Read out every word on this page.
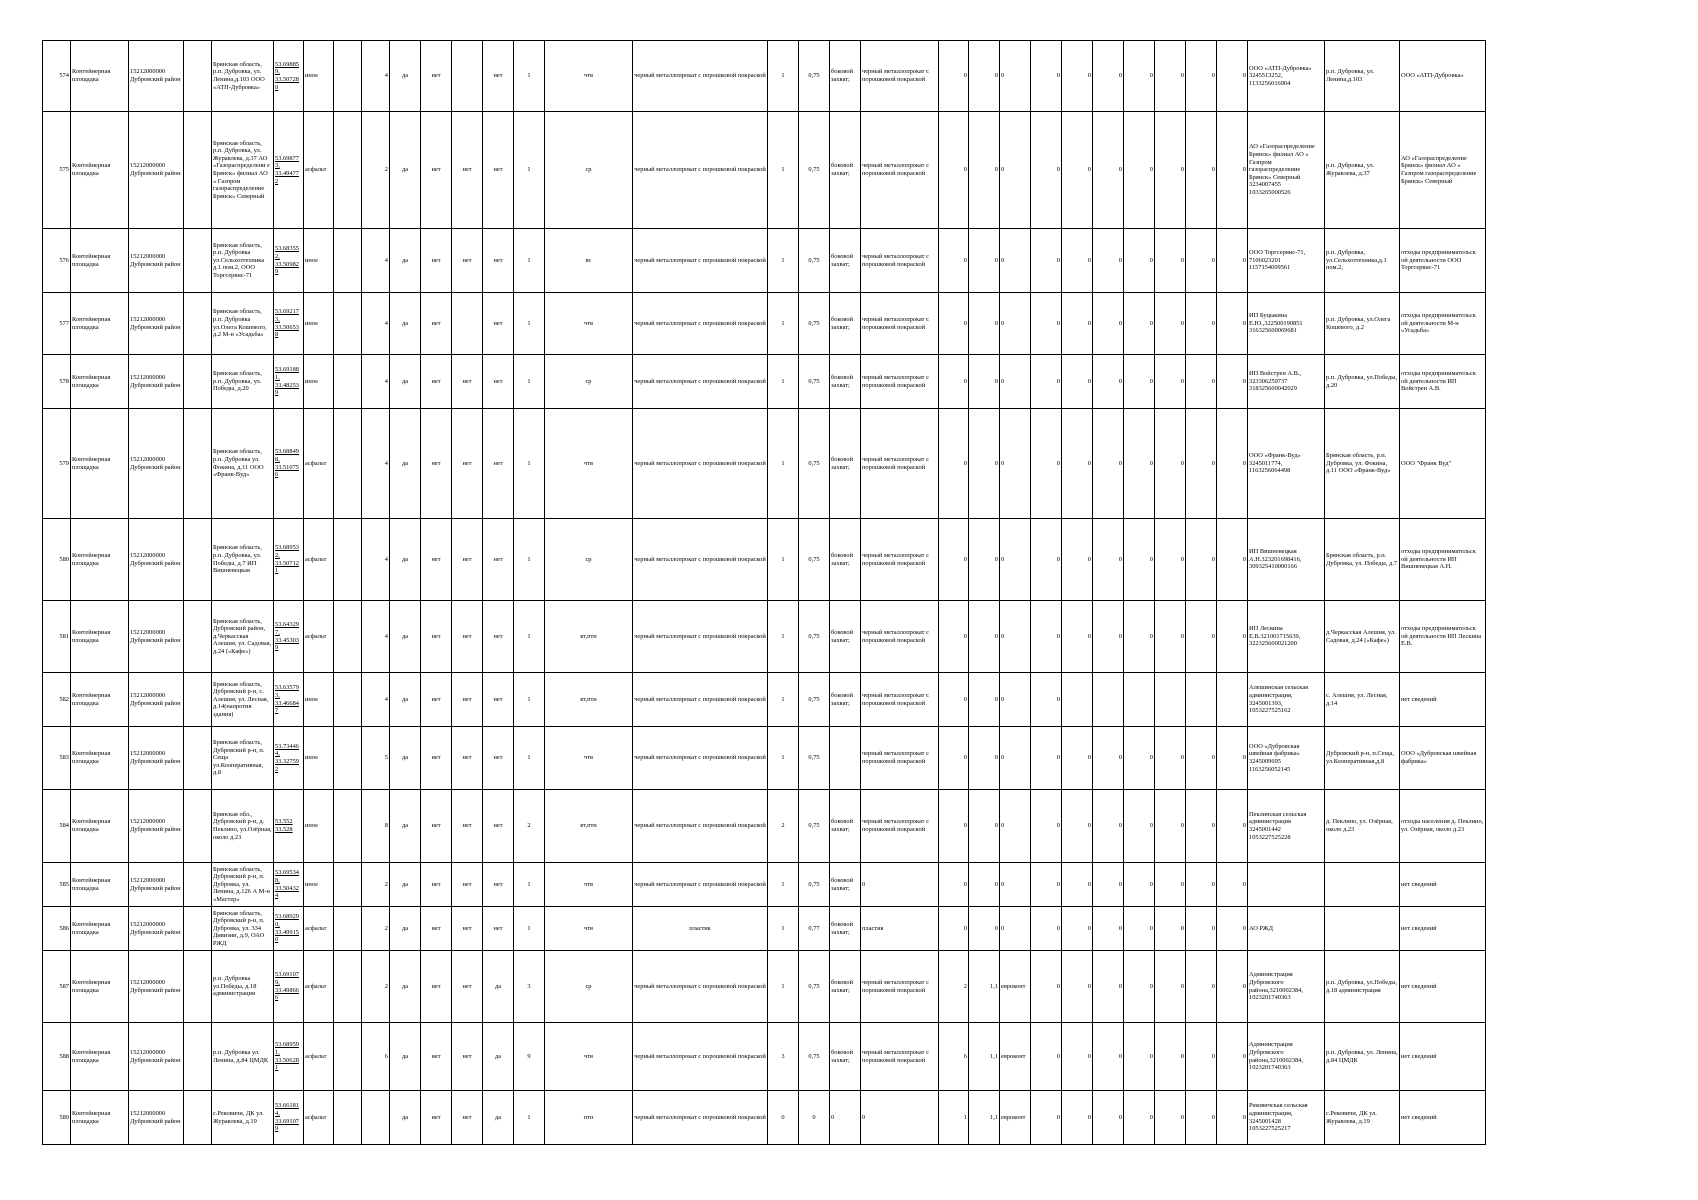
574	Контейнерная площадка	15212000000 Дубровский район		Брянская область, р.п. Дубровка, ул. Ленина,д.103 ООО «АТП-Дубровка»	53.69885 9, 33.50728 0	иное		4	да	нет		нет	1	чтв	черный металлопрокат с порошковой покраской	1	0,75	боковой захват;	черный металлопрокат с порошковой покраской	0	0	0	0	0	0	0	0	0	0	ООО «АТП-Дубровка» 3245513252, 1133256016904	р.п. Дубровка, ул. Ленина,д.103	ООО «АТП-Дубровка»
575	Контейнерная площадка	15212000000 Дубровский район		Брянская область, р.п. Дубровка, ул. Журавлева, д.37 АО «Газораспределени е Брянск» филиал АО « Газпром газораспределение Брянск» Северный	53.69877 3, 33.49477 2	асфальт		2	да	нет	нет	нет	1	ср	черный металлопрокат с порошковой покраской	1	0,75	боковой захват;	черный металлопрокат с порошковой покраской	0	0	0	0	0	0	0	0	0	0	АО «Газораспределение Брянск» филиал АО « Газпром газораспределение Брянск» Северный 3234007455 1033265000526	р.п. Дубровка, ул. Журавлева, д.37	АО «Газораспределение Брянск» филиал АО « Газпром газораспределение Брянск» Северный
576	Контейнерная площадка	15212000000 Дубровский район		Брянская область, р.п. Дубровка ул.Сельхозтехника д.1 пом.2, ООО Торгсервис-71	53.68355 2, 33.50982 9	иное		4	да	нет	нет	нет	1	вс	черный металлопрокат с порошковой покраской	1	0,75	боковой захват;	черный металлопрокат с порошковой покраской	0	0	0	0	0	0	0	0	0	0	ООО Торгсервис-71, 7106023201 1157154009561	р.п. Дубровка, ул.Сельхозтехника,д.1 пом.2,	отходы предпринимательск ой деятельности ООО Торгсервис-71
577	Контейнерная площадка	15212000000 Дубровский район		Брянская область, р.п. Дубровка ул.Олега Кошевого, д.2 М-н «Усадьба»	53.69217 3, 33.50653 8	иное		4	да	нет		нет	1	чтв	черный металлопрокат с порошковой покраской	1	0,75	боковой захват;	черный металлопрокат с порошковой покраской	0	0	0	0	0	0	0	0	0	0	ИП Буцыкина Е.Ю.,322500190851 316325600069681	р.п. Дубровка, ул.Олега Кошевого, д.2	отходы предпринимательск ой деятельности М-н «Усадьба»
578	Контейнерная площадка	15212000000 Дубровский район		Брянская область, р.п. Дубровка, ул. Победы, д.20	53.69188 1, 33.48253 9	иное		4	да	нет	нет	нет	1	ср	черный металлопрокат с порошковой покраской	1	0,75	боковой захват;	черный металлопрокат с порошковой покраской	0	0	0	0	0	0	0	0	0	0	ИП Войстрен А.В., 323306259737 318325600042029	р.п. Дубровка, ул.Победы, д.20	отходы предпринимательск ой деятельности ИП Войстрен А.В.
579	Контейнерная площадка	15212000000 Дубровский район		Брянская область, р.п. Дубровка ул. Фокина, д.11 ООО «Франк-Вуд»	53.68849 8, 33.51075 6	асфальт		4	да	нет	нет	нет	1	чтв	черный металлопрокат с порошковой покраской	1	0,75	боковой захват;	черный металлопрокат с порошковой покраской	0	0	0	0	0	0	0	0	0	0	ООО «Франк-Вуд» 3245011774, 1163256064498	Брянская область, р.п. Дубровка, ул. Фокина, д.11 ООО «Франк-Вуд»	ООО "Франк Вуд"
580	Контейнерная площадка	15212000000 Дубровский район		Брянская область, р.п. Дубровка, ул. Победы, д.7 ИП Вишневецкая	53.68953 2, 33.50712 1	асфальт		4	да	нет	нет	нет	1	ср	черный металлопрокат с порошковой покраской	1	0,75	боковой захват;	черный металлопрокат с порошковой покраской	0	0	0	0	0	0	0	0	0	0	ИП Вишневецкая А.Н.323201698416, 309325410000166	Брянская область, р.п. Дубровка, ул. Победы, д.7	отходы предпринимательск ой деятельности ИП Вишневецкая А.Н.
581	Контейнерная площадка	15212000000 Дубровский район		Брянская область, Дубровский район, д.Черкасская Алешня, ул. Садовая, д.24 («Кафе»)	53.64329 7, 33.45303 9	асфальт		4	да	нет	нет	нет	1	вт,птн	черный металлопрокат с порошковой покраской	1	0,75	боковой захват;	черный металлопрокат с порошковой покраской	0	0	0	0	0	0	0	0	0	0	ИП Лескина Е.В.321001715639, 322325600021200	д.Черкасская Алешня, ул. Садовая, д.24 («Кафе»)	отходы предпринимательск ой деятельности ИП Лескина Е.В.
582	Контейнерная площадка	15212000000 Дубровский район		Брянская область, Дубровский р-н, с. Алешня, ул. Лесная, д.14(напротив здания)	53.63579 3, 33.46684 7	иное		4	да	нет	нет	нет	1	вт,птн	черный металлопрокат с порошковой покраской	1	0,75	боковой захват;	черный металлопрокат с порошковой покраской	0	0	0	0							Алешинская сельская администрация, 3245001393, 1053227525162	с. Алешня, ул. Лесная, д.14	нет сведений
583	Контейнерная площадка	15212000000 Дубровский район		Брянская область, Дубровский р-н, п. Сеща ул.Кооперативная, д.8	53.73446 4, 33.32759 2	иное		5	да	нет	нет	нет	1	чтв	черный металлопрокат с порошковой покраской	1	0,75		черный металлопрокат с порошковой покраской	0	0	0	0	0	0	0	0	0	0	ООО «Дубровская швейная фабрика» 3245009695 1163256052145	Дубровский р-н, п.Сеща, ул.Кооперативная,д.8	ООО «Дубровская швейная фабрика»
584	Контейнерная площадка	15212000000 Дубровский район		Брянская обл., Дубровский р-н, д. Пеклино, ул.Озёрная, около д.23	53.552 33.528	иное		8	да	нет	нет	нет	2	вт,птн	черный металлопрокат с порошковой покраской	2	0,75	боковой захват;	черный металлопрокат с порошковой покраской	0	0	0	0	0	0	0	0	0	0	Пеклинская сельская администрация 3245001442 1053227525228	д. Пеклино, ул. Озёрная, около д.23	отходы населения д. Пеклино, ул. Озёрная, около д.23
585	Контейнерная площадка	15212000000 Дубровский район		Брянская область, Дубровский р-н, п. Дубровка, ул. Ленина, д.126 А М-н «Мастер»	53.69534 8, 33.50432 4	иное		2	да	нет	нет	нет	1	чтв	черный металлопрокат с порошковой покраской	1	0,75	боковой захват;	0	0	0	0	0	0	0	0	0	0	0			нет сведений
586	Контейнерная площадка	15212000000 Дубровский район		Брянская область, Дубровский р-н, п. Дубровка, ул. 334 Дивизии, д.9, ОАО РЖД	53.68929 0, 33.49915 0	асфальт		2	да	нет	нет	нет	1	чтв	пластик	1	0,77	боковой захват;	пластик	0	0	0	0	0	0	0	0	0	0	АО РЖД		нет сведений
587	Контейнерная площадка	15212000000 Дубровский район		р.п. Дубровка ул.Победы, д.18 администрация	53.69107 9, 33.49866 6	асфальт		2	да	нет	нет	да	3	ср	черный металлопрокат с порошковой покраской	1	0,75	боковой захват;	черный металлопрокат с порошковой покраской	2	1,1	евроконт	0	0	0	0	0	0	0	Администрация Дубровского района,3210002384, 1023201740363	р.п. Дубровка, ул.Победы, д.18 администрация	нет сведений
588	Контейнерная площадка	15212000000 Дубровский район		р.п. Дубровка ул. Ленина, д.84 ЦМДК	53.68959 1, 33.50628 1	асфальт		6	да	нет	нет	да	9	чтв	черный металлопрокат с порошковой покраской	3	0,75	боковой захват;	черный металлопрокат с порошковой покраской	6	1,1	евроконт	0	0	0	0	0	0	0	Администрация Дубровского района,3210002384, 1023201740363	р.п. Дубровка, ул. Ленина, д.84 ЦМДК	нет сведений
589	Контейнерная площадка	15212000000 Дубровский район		с.Рековичи, ДК ул. Журавлева, д.19	53.66181 4, 33.69107 9	асфальт			да	нет	нет	да	1	птн	черный металлопрокат с порошковой покраской	0	0	0	0	1	1,1	евроконт	0	0	0	0	0	0	0	Рековичская сельская администрация, 3245001428 1053227525217	с.Рековичи, ДК ул. Журавлева, д.19	нет сведений
